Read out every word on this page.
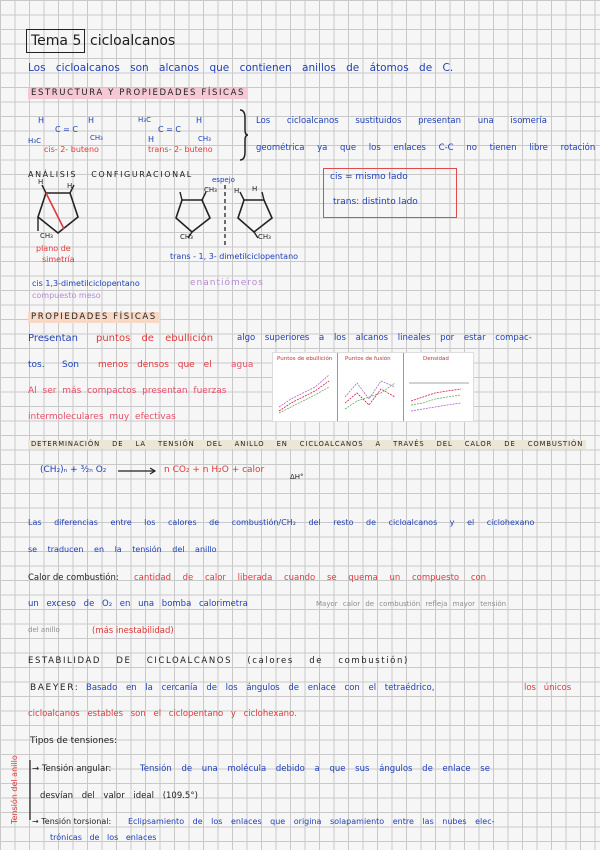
Tema 5 cicloalcanos
Los cicloalcanos son alcanos que contienen anillos de átomos de C.
ESTRUCTURA Y PROPIEDADES FÍSICAS
H	H
C = C
H₃C	CH₃
cis- 2- buteno
H₃C	H
C = C
H	CH₃
trans- 2- buteno
Los cicloalcanos sustituidos presentan una isomería
geométrica ya que los enlaces C-C no tienen libre rotación
ANÁLISIS CONFIGURACIONAL	cis = mismo lado
trans: distinto lado
H	H
CH₃
plano de
simetría
espejo
CH₃
CH₃
H H
CH₃
trans - 1, 3- dimetilciclopentano
cis 1,3-dimetilciclopentano
compuesto meso
enantiómeros
PROPIEDADES FÍSICAS
Presentan puntos de ebullición	algo superiores a los alcanos lineales por estar compac-
tos. Son menos densos que el agua
Al ser más compactos presentan fuerzas
intermoleculares muy efectivas
Puntos de ebullición Puntos de fusión	Densidad
DETERMINACIÓN DE LA TENSIÓN DEL ANILLO EN CICLOALCANOS A TRAVÉS DEL CALOR DE COMBUSTIÓN
(CH₂)ₙ + ³⁄₂ₙ O₂	n CO₂ + n H₂O + calor
ΔH°
Las diferencias entre los calores de combustión/CH₂ del resto de cicloalcanos y el ciclohexano
se traducen en la tensión del anillo
Calor de combustión: cantidad de calor liberada cuando se quema un compuesto con
un exceso de O₂ en una bomba calorimetra	Mayor calor de combustión refleja mayor tensión
del anillo	(más inestabilidad)
ESTABILIDAD DE CICLOALCANOS (calores de combustión)
BAEYER: Basado en la cercanía de los ángulos de enlace con el tetraédrico,	los únicos
cicloalcanos estables son el ciclopentano y ciclohexano.
Tipos de tensiones:
Tensión del anillo → Tensión angular:	Tensión de una molécula debido a que sus ángulos de enlace se
desvían del valor ideal (109.5°)
→ Tensión torsional: Eclipsamiento de los enlaces que origina solapamiento entre las nubes elec-
trónicas de los enlaces
